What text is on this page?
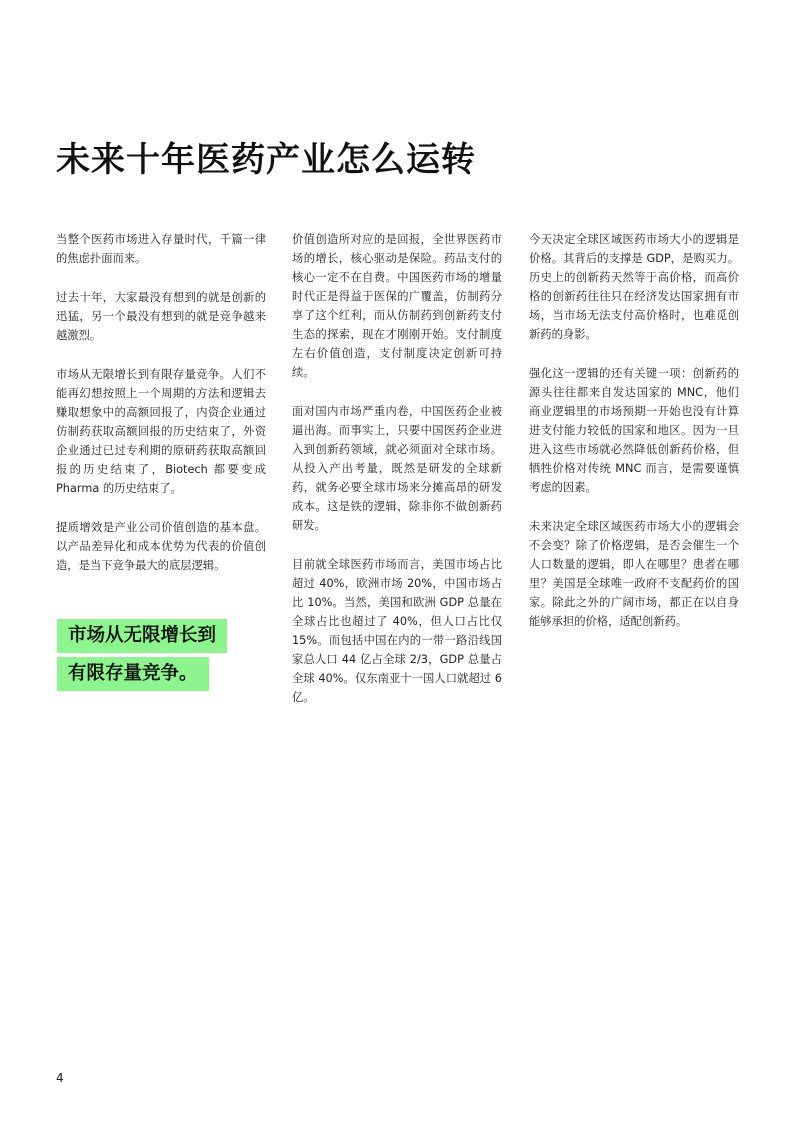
未来十年医药产业怎么运转

当整个医药市场进入存量时代，千篇一律的焦虑扑面而来。

过去十年，大家最没有想到的就是创新的迅猛，另一个最没有想到的就是竞争越来越激烈。

市场从无限增长到有限存量竞争。人们不能再幻想按照上一个周期的方法和逻辑去赚取想象中的高额回报了，内资企业通过仿制药获取高额回报的历史结束了，外资企业通过已过专利期的原研药获取高额回报的历史结束了，Biotech 都要变成 Pharma 的历史结束了。

提质增效是产业公司价值创造的基本盘。以产品差异化和成本优势为代表的价值创造，是当下竞争最大的底层逻辑。

市场从无限增长到
有限存量竞争。

价值创造所对应的是回报，全世界医药市场的增长，核心驱动是保险。药品支付的核心一定不在自费。中国医药市场的增量时代正是得益于医保的广覆盖，仿制药分享了这个红利，而从仿制药到创新药支付生态的探索，现在才刚刚开始。支付制度左右价值创造，支付制度决定创新可持续。

面对国内市场严重内卷，中国医药企业被逼出海。而事实上，只要中国医药企业进入到创新药领域，就必须面对全球市场。从投入产出考量，既然是研发的全球新药，就务必要全球市场来分摊高昂的研发成本。这是铁的逻辑，除非你不做创新药研发。

目前就全球医药市场而言，美国市场占比超过 40%，欧洲市场 20%，中国市场占比 10%。当然，美国和欧洲 GDP 总量在全球占比也超过了 40%，但人口占比仅 15%。而包括中国在内的一带一路沿线国家总人口 44 亿占全球 2/3，GDP 总量占全球 40%。仅东南亚十一国人口就超过 6 亿。

今天决定全球区域医药市场大小的逻辑是价格。其背后的支撑是 GDP，是购买力。历史上的创新药天然等于高价格，而高价格的创新药往往只在经济发达国家拥有市场，当市场无法支付高价格时，也难觅创新药的身影。

强化这一逻辑的还有关键一项：创新药的源头往往都来自发达国家的 MNC，他们商业逻辑里的市场预期一开始也没有计算进支付能力较低的国家和地区。因为一旦进入这些市场就必然降低创新药价格，但牺牲价格对传统 MNC 而言，是需要谨慎考虑的因素。

未来决定全球区域医药市场大小的逻辑会不会变？除了价格逻辑，是否会催生一个人口数量的逻辑，即人在哪里？患者在哪里？美国是全球唯一政府不支配药价的国家。除此之外的广阔市场，都正在以自身能够承担的价格，适配创新药。

4
